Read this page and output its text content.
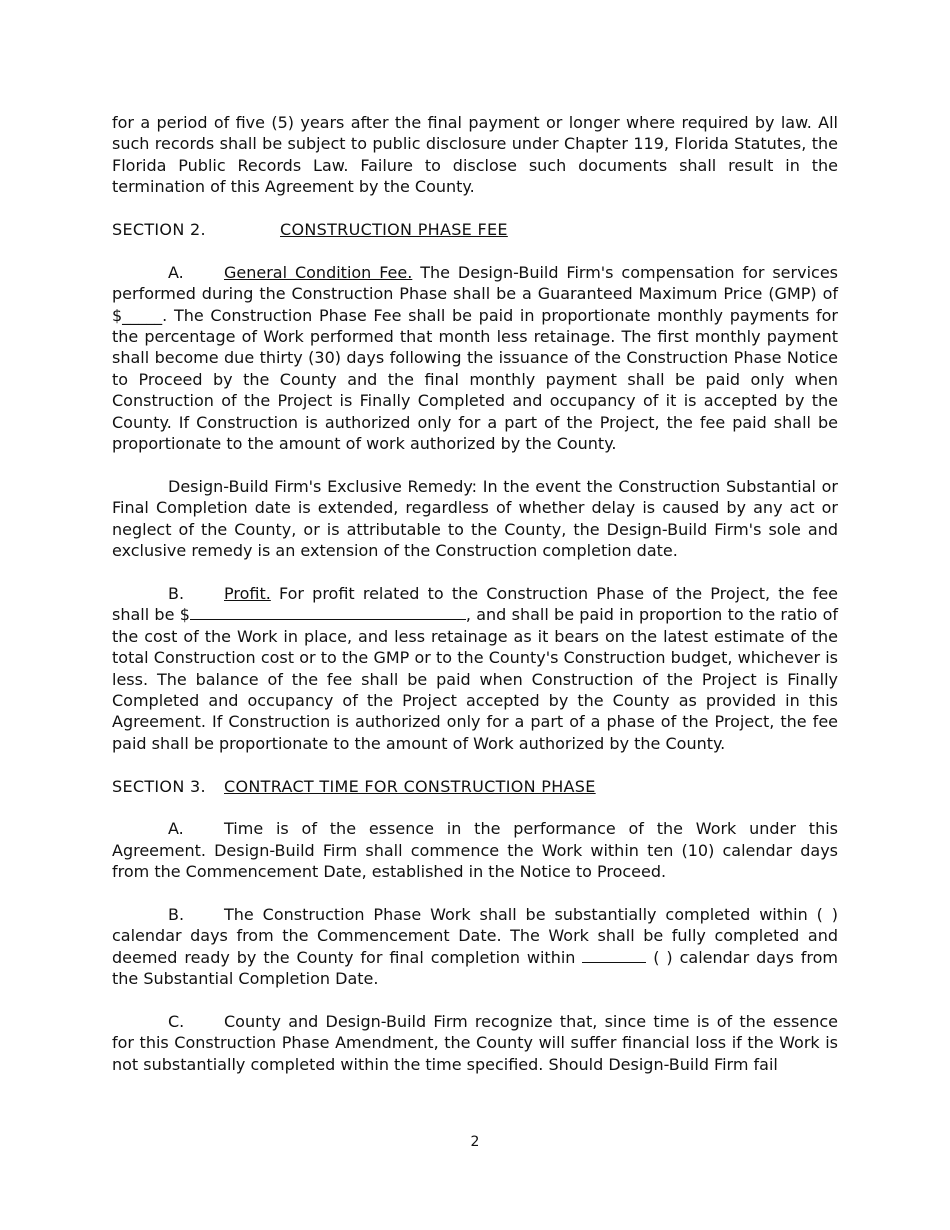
for a period of five (5) years after the final payment or longer where required by law. All such records shall be subject to public disclosure under Chapter 119, Florida Statutes, the Florida Public Records Law. Failure to disclose such documents shall result in the termination of this Agreement by the County.

SECTION 2.	CONSTRUCTION PHASE FEE

A.	General Condition Fee. The Design-Build Firm's compensation for services performed during the Construction Phase shall be a Guaranteed Maximum Price (GMP) of $_____. The Construction Phase Fee shall be paid in proportionate monthly payments for the percentage of Work performed that month less retainage. The first monthly payment shall become due thirty (30) days following the issuance of the Construction Phase Notice to Proceed by the County and the final monthly payment shall be paid only when Construction of the Project is Finally Completed and occupancy of it is accepted by the County. If Construction is authorized only for a part of the Project, the fee paid shall be proportionate to the amount of work authorized by the County.

Design-Build Firm's Exclusive Remedy: In the event the Construction Substantial or Final Completion date is extended, regardless of whether delay is caused by any act or neglect of the County, or is attributable to the County, the Design-Build Firm's sole and exclusive remedy is an extension of the Construction completion date.

B. Profit. For profit related to the Construction Phase of the Project, the fee shall be $	, and shall be paid in proportion to the ratio of the cost of the Work in place, and less retainage as it bears on the latest estimate of the total Construction cost or to the GMP or to the County's Construction budget, whichever is less. The balance of the fee shall be paid when Construction of the Project is Finally Completed and occupancy of the Project accepted by the County as provided in this Agreement. If Construction is authorized only for a part of a phase of the Project, the fee paid shall be proportionate to the amount of Work authorized by the County.

SECTION 3.	CONTRACT TIME FOR CONSTRUCTION PHASE

A.	Time is of the essence in the performance of the Work under this Agreement. Design-Build Firm shall commence the Work within ten (10) calendar days from the Commencement Date, established in the Notice to Proceed.

B. The Construction Phase Work shall be substantially completed within ( ) calendar days from the Commencement Date. The Work shall be fully completed and deemed ready by the County for final completion within	( ) calendar days from the Substantial Completion Date.

C. County and Design-Build Firm recognize that, since time is of the essence for this Construction Phase Amendment, the County will suffer financial loss if the Work is not substantially completed within the time specified. Should Design-Build Firm fail

2
